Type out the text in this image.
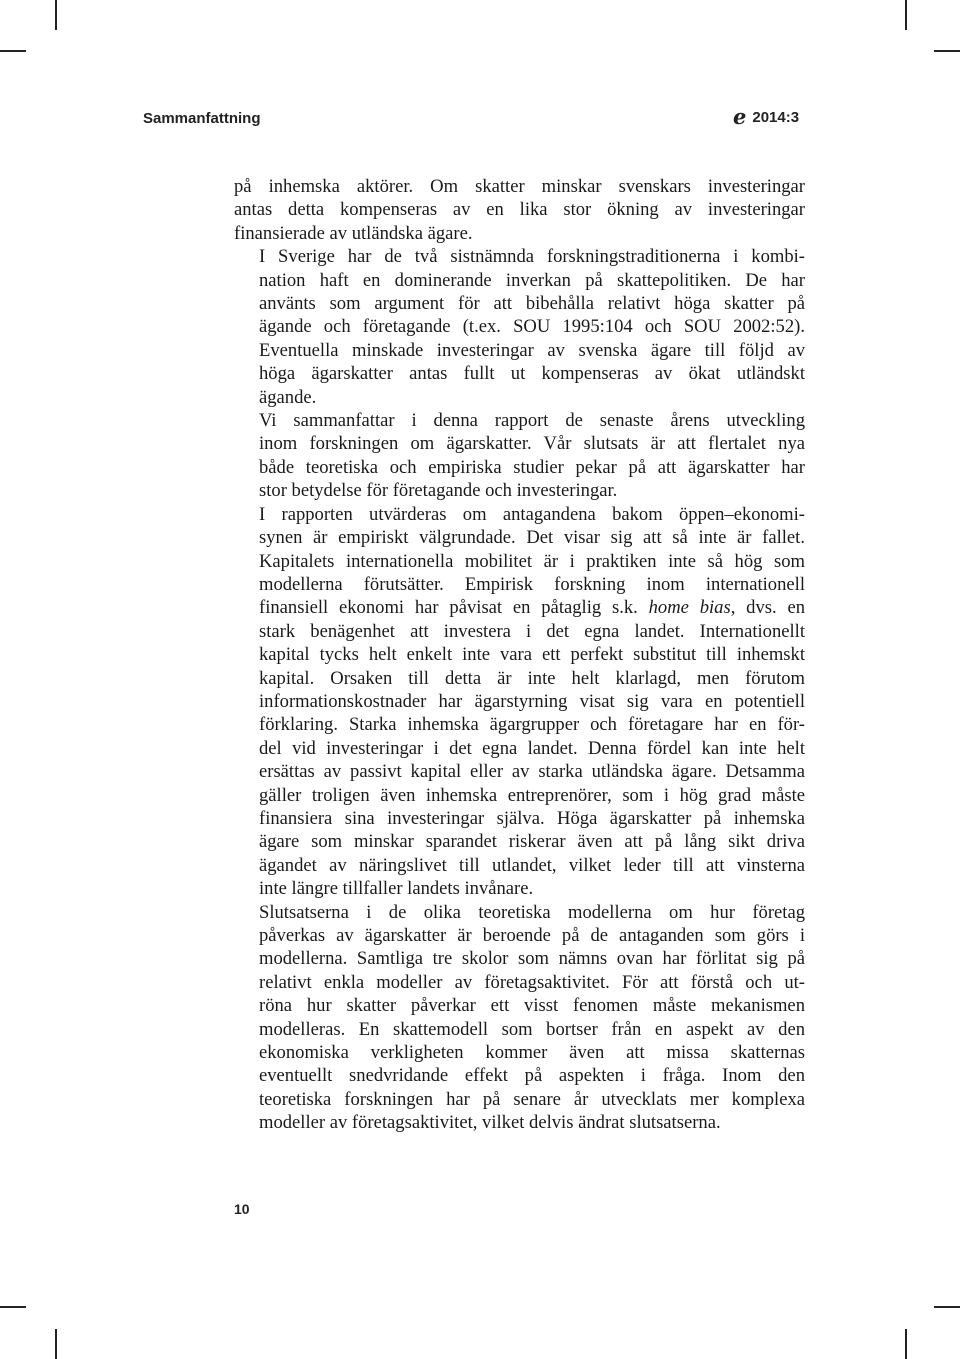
Sammanfattning	e 2014:3

på inhemska aktörer. Om skatter minskar svenskars investeringar
antas detta kompenseras av en lika stor ökning av investeringar
finansierade av utländska ägare.

I Sverige har de två sistnämnda forskningstraditionerna i kombi-
nation haft en dominerande inverkan på skattepolitiken. De har
använts som argument för att bibehålla relativt höga skatter på
ägande och företagande (t.ex. SOU 1995:104 och SOU 2002:52).
Eventuella minskade investeringar av svenska ägare till följd av
höga ägarskatter antas fullt ut kompenseras av ökat utländskt
ägande.

Vi sammanfattar i denna rapport de senaste årens utveckling
inom forskningen om ägarskatter. Vår slutsats är att flertalet nya
både teoretiska och empiriska studier pekar på att ägarskatter har
stor betydelse för företagande och investeringar.

I rapporten utvärderas om antagandena bakom öppen–ekonomi-
synen är empiriskt välgrundade. Det visar sig att så inte är fallet.
Kapitalets internationella mobilitet är i praktiken inte så hög som
modellerna förutsätter. Empirisk forskning inom internationell
finansiell ekonomi har påvisat en påtaglig s.k. home bias, dvs. en
stark benägenhet att investera i det egna landet. Internationellt
kapital tycks helt enkelt inte vara ett perfekt substitut till inhemskt
kapital. Orsaken till detta är inte helt klarlagd, men förutom
informationskostnader har ägarstyrning visat sig vara en potentiell
förklaring. Starka inhemska ägargrupper och företagare har en för-
del vid investeringar i det egna landet. Denna fördel kan inte helt
ersättas av passivt kapital eller av starka utländska ägare. Detsamma
gäller troligen även inhemska entreprenörer, som i hög grad måste
finansiera sina investeringar själva. Höga ägarskatter på inhemska
ägare som minskar sparandet riskerar även att på lång sikt driva
ägandet av näringslivet till utlandet, vilket leder till att vinsterna
inte längre tillfaller landets invånare.

Slutsatserna i de olika teoretiska modellerna om hur företag
påverkas av ägarskatter är beroende på de antaganden som görs i
modellerna. Samtliga tre skolor som nämns ovan har förlitat sig på
relativt enkla modeller av företagsaktivitet. För att förstå och ut-
röna hur skatter påverkar ett visst fenomen måste mekanismen
modelleras. En skattemodell som bortser från en aspekt av den
ekonomiska verkligheten kommer även att missa skatternas
eventuellt snedvridande effekt på aspekten i fråga. Inom den
teoretiska forskningen har på senare år utvecklats mer komplexa
modeller av företagsaktivitet, vilket delvis ändrat slutsatserna.

10
